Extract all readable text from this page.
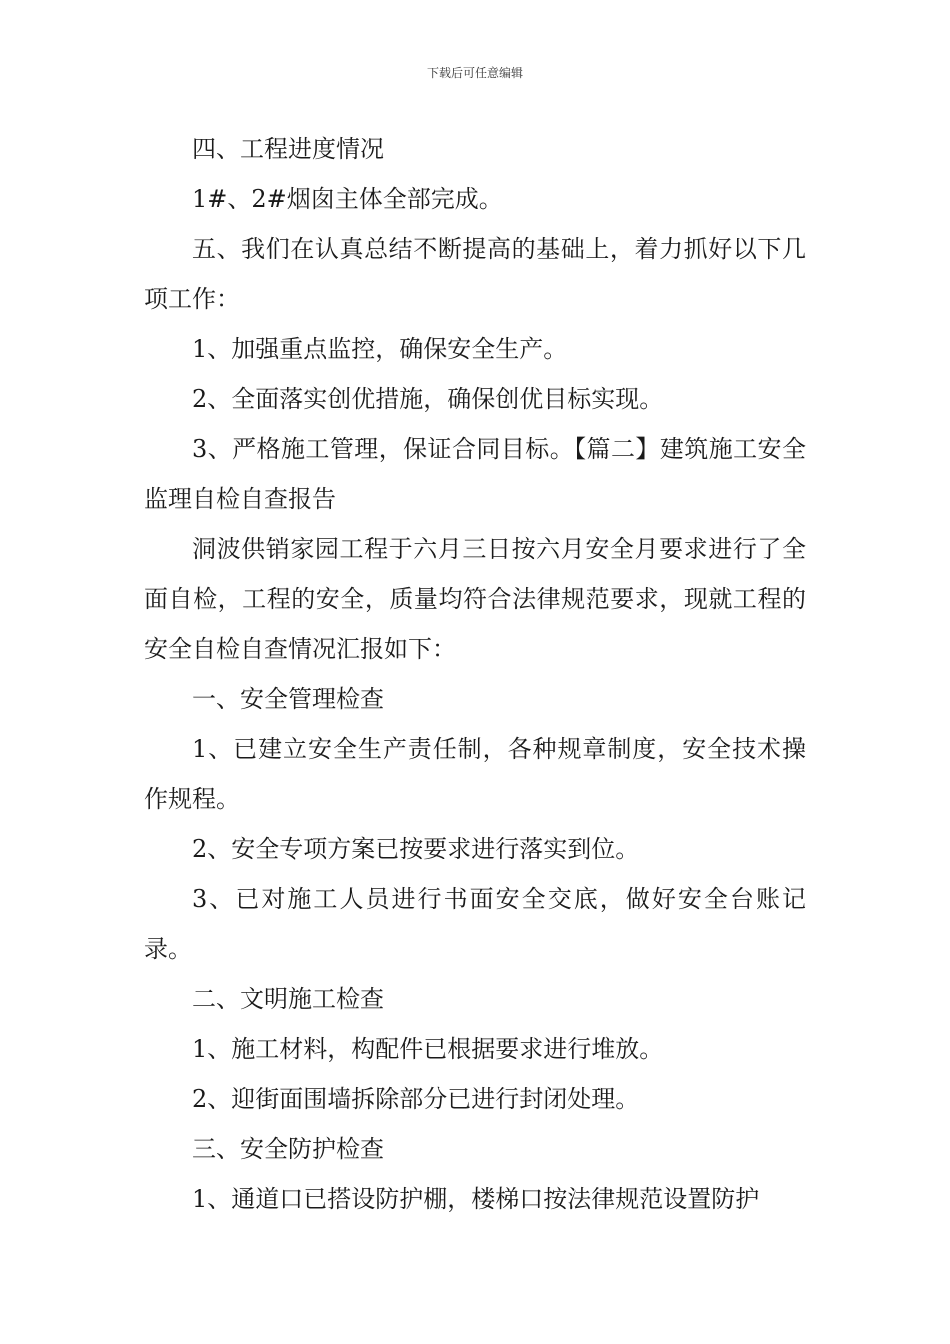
下载后可任意编辑

四、工程进度情况

1#、2#烟囱主体全部完成。

五、我们在认真总结不断提高的基础上，着力抓好以下几项工作：

1、加强重点监控，确保安全生产。

2、全面落实创优措施，确保创优目标实现。

3、严格施工管理，保证合同目标。【篇二】建筑施工安全监理自检自查报告

洞波供销家园工程于六月三日按六月安全月要求进行了全面自检，工程的安全，质量均符合法律规范要求，现就工程的安全自检自查情况汇报如下：

一、安全管理检查

1、已建立安全生产责任制，各种规章制度，安全技术操作规程。

2、安全专项方案已按要求进行落实到位。

3、已对施工人员进行书面安全交底，做好安全台账记录。

二、文明施工检查

1、施工材料，构配件已根据要求进行堆放。

2、迎街面围墙拆除部分已进行封闭处理。

三、安全防护检查

1、通道口已搭设防护棚，楼梯口按法律规范设置防护
